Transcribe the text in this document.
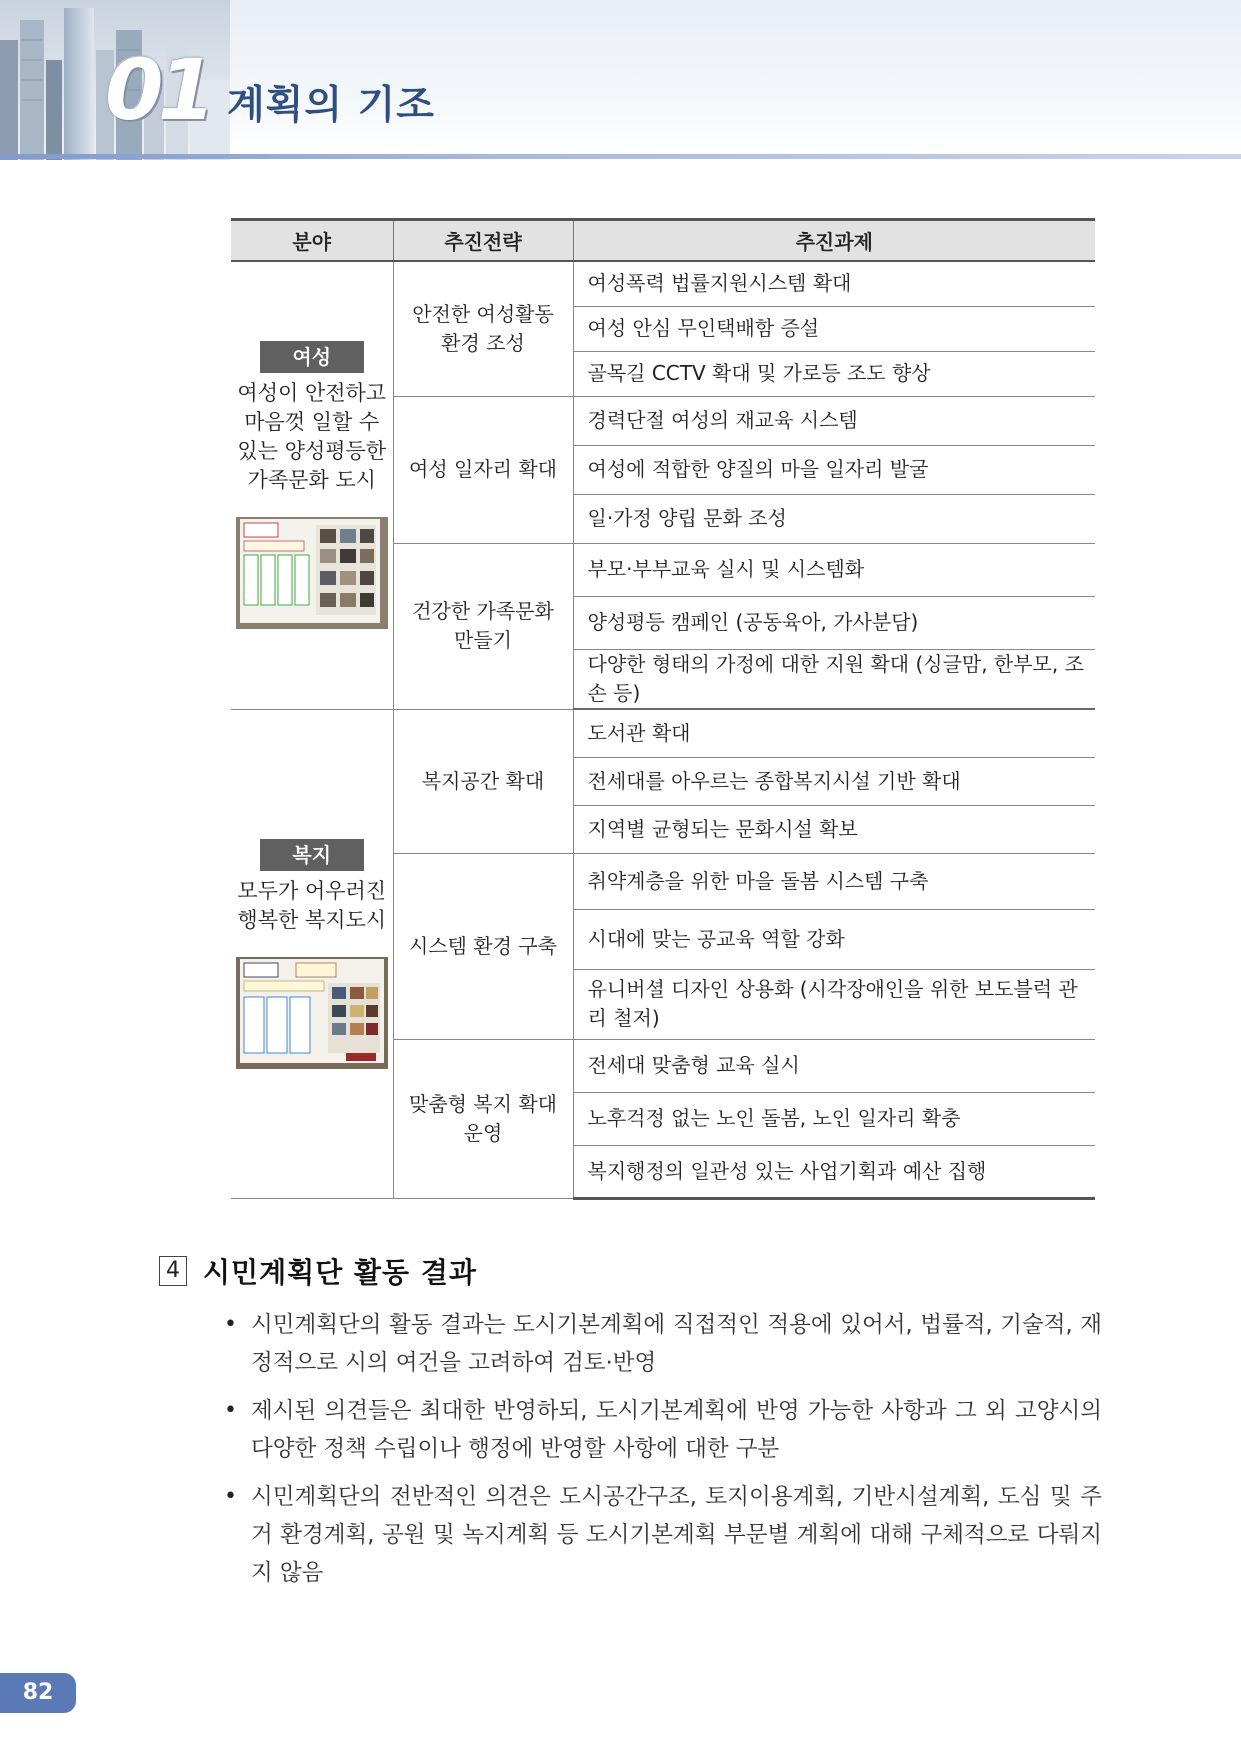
01 계획의 기조
분야	추진전략	추진과제
여성
여성이 안전하고 마음껏 일할 수 있는 양성평등한 가족문화 도시	안전한 여성활동 환경 조성	여성폭력 법률지원시스템 확대
		여성 안심 무인택배함 증설
		골목길 CCTV 확대 및 가로등 조도 향상
	여성 일자리 확대	경력단절 여성의 재교육 시스템
		여성에 적합한 양질의 마을 일자리 발굴
		일·가정 양립 문화 조성
	건강한 가족문화 만들기	부모·부부교육 실시 및 시스템화
		양성평등 캠페인 (공동육아, 가사분담)
		다양한 형태의 가정에 대한 지원 확대 (싱글맘, 한부모, 조손 등)
복지
모두가 어우러진 행복한 복지도시	복지공간 확대	도서관 확대
		전세대를 아우르는 종합복지시설 기반 확대
		지역별 균형되는 문화시설 확보
	시스템 환경 구축	취약계층을 위한 마을 돌봄 시스템 구축
		시대에 맞는 공교육 역할 강화
		유니버셜 디자인 상용화 (시각장애인을 위한 보도블럭 관리 철저)
	맞춤형 복지 확대 운영	전세대 맞춤형 교육 실시
		노후걱정 없는 노인 돌봄, 노인 일자리 확충
		복지행정의 일관성 있는 사업기획과 예산 집행
4 시민계획단 활동 결과
• 시민계획단의 활동 결과는 도시기본계획에 직접적인 적용에 있어서, 법률적, 기술적, 재정적으로 시의 여건을 고려하여 검토·반영
• 제시된 의견들은 최대한 반영하되, 도시기본계획에 반영 가능한 사항과 그 외 고양시의 다양한 정책 수립이나 행정에 반영할 사항에 대한 구분
• 시민계획단의 전반적인 의견은 도시공간구조, 토지이용계획, 기반시설계획, 도심 및 주거 환경계획, 공원 및 녹지계획 등 도시기본계획 부문별 계획에 대해 구체적으로 다뤄지지 않음
82
